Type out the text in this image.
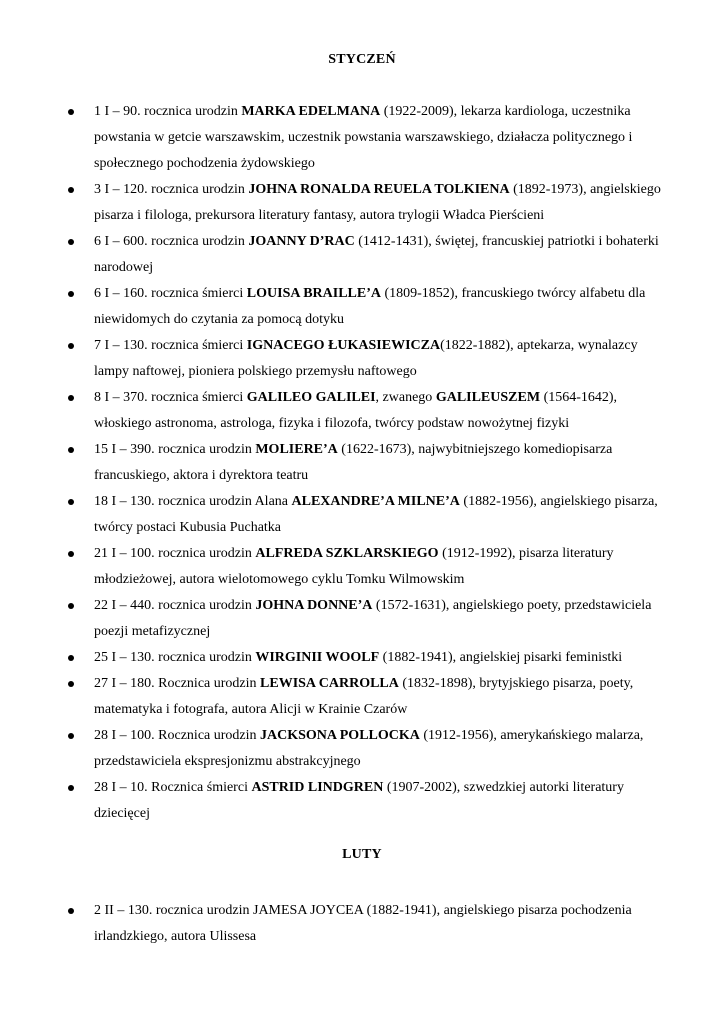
STYCZEŃ
1 I – 90. rocznica urodzin MARKA EDELMANA (1922-2009), lekarza kardiologa, uczestnika powstania w getcie warszawskim, uczestnik powstania warszawskiego, działacza politycznego i społecznego pochodzenia żydowskiego
3 I – 120. rocznica urodzin JOHNA RONALDA REUELA TOLKIENA (1892-1973), angielskiego pisarza i filologa, prekursora literatury fantasy, autora trylogii Władca Pierścieni
6 I – 600. rocznica urodzin JOANNY D’RAC (1412-1431), świętej, francuskiej patriotki i bohaterki narodowej
6 I – 160. rocznica śmierci LOUISA BRAILLE’A (1809-1852), francuskiego twórcy alfabetu dla niewidomych do czytania za pomocą dotyku
7 I – 130. rocznica śmierci IGNACEGO ŁUKASIEWICZA(1822-1882), aptekarza, wynalazcy lampy naftowej, pioniera polskiego przemysłu naftowego
8 I – 370. rocznica śmierci GALILEO GALILEI, zwanego GALILEUSZEM (1564-1642), włoskiego astronoma, astrologa, fizyka i filozofa, twórcy podstaw nowożytnej fizyki
15 I – 390. rocznica urodzin MOLIERE’A (1622-1673), najwybitniejszego komediopisarza francuskiego, aktora i dyrektora teatru
18 I – 130. rocznica urodzin Alana ALEXANDRE’A MILNE’A (1882-1956), angielskiego pisarza, twórcy postaci Kubusia Puchatka
21 I – 100. rocznica urodzin ALFREDA SZKLARSKIEGO (1912-1992), pisarza literatury młodzieżowej, autora wielotomowego cyklu Tomku Wilmowskim
22 I – 440. rocznica urodzin JOHNA DONNE’A (1572-1631), angielskiego poety, przedstawiciela poezji metafizycznej
25 I – 130. rocznica urodzin WIRGINII WOOLF (1882-1941), angielskiej pisarki feministki
27 I – 180. Rocznica urodzin LEWISA CARROLLA (1832-1898), brytyjskiego pisarza, poety, matematyka i fotografa, autora Alicji w Krainie Czarów
28 I – 100. Rocznica urodzin JACKSONA POLLOCKA (1912-1956), amerykańskiego malarza, przedstawiciela ekspresjonizmu abstrakcyjnego
28 I – 10. Rocznica śmierci ASTRID LINDGREN (1907-2002), szwedzkiej autorki literatury dziecięcej
LUTY
2 II – 130. rocznica urodzin JAMESA JOYCEA (1882-1941), angielskiego pisarza pochodzenia irlandzkiego, autora Ulissesa
